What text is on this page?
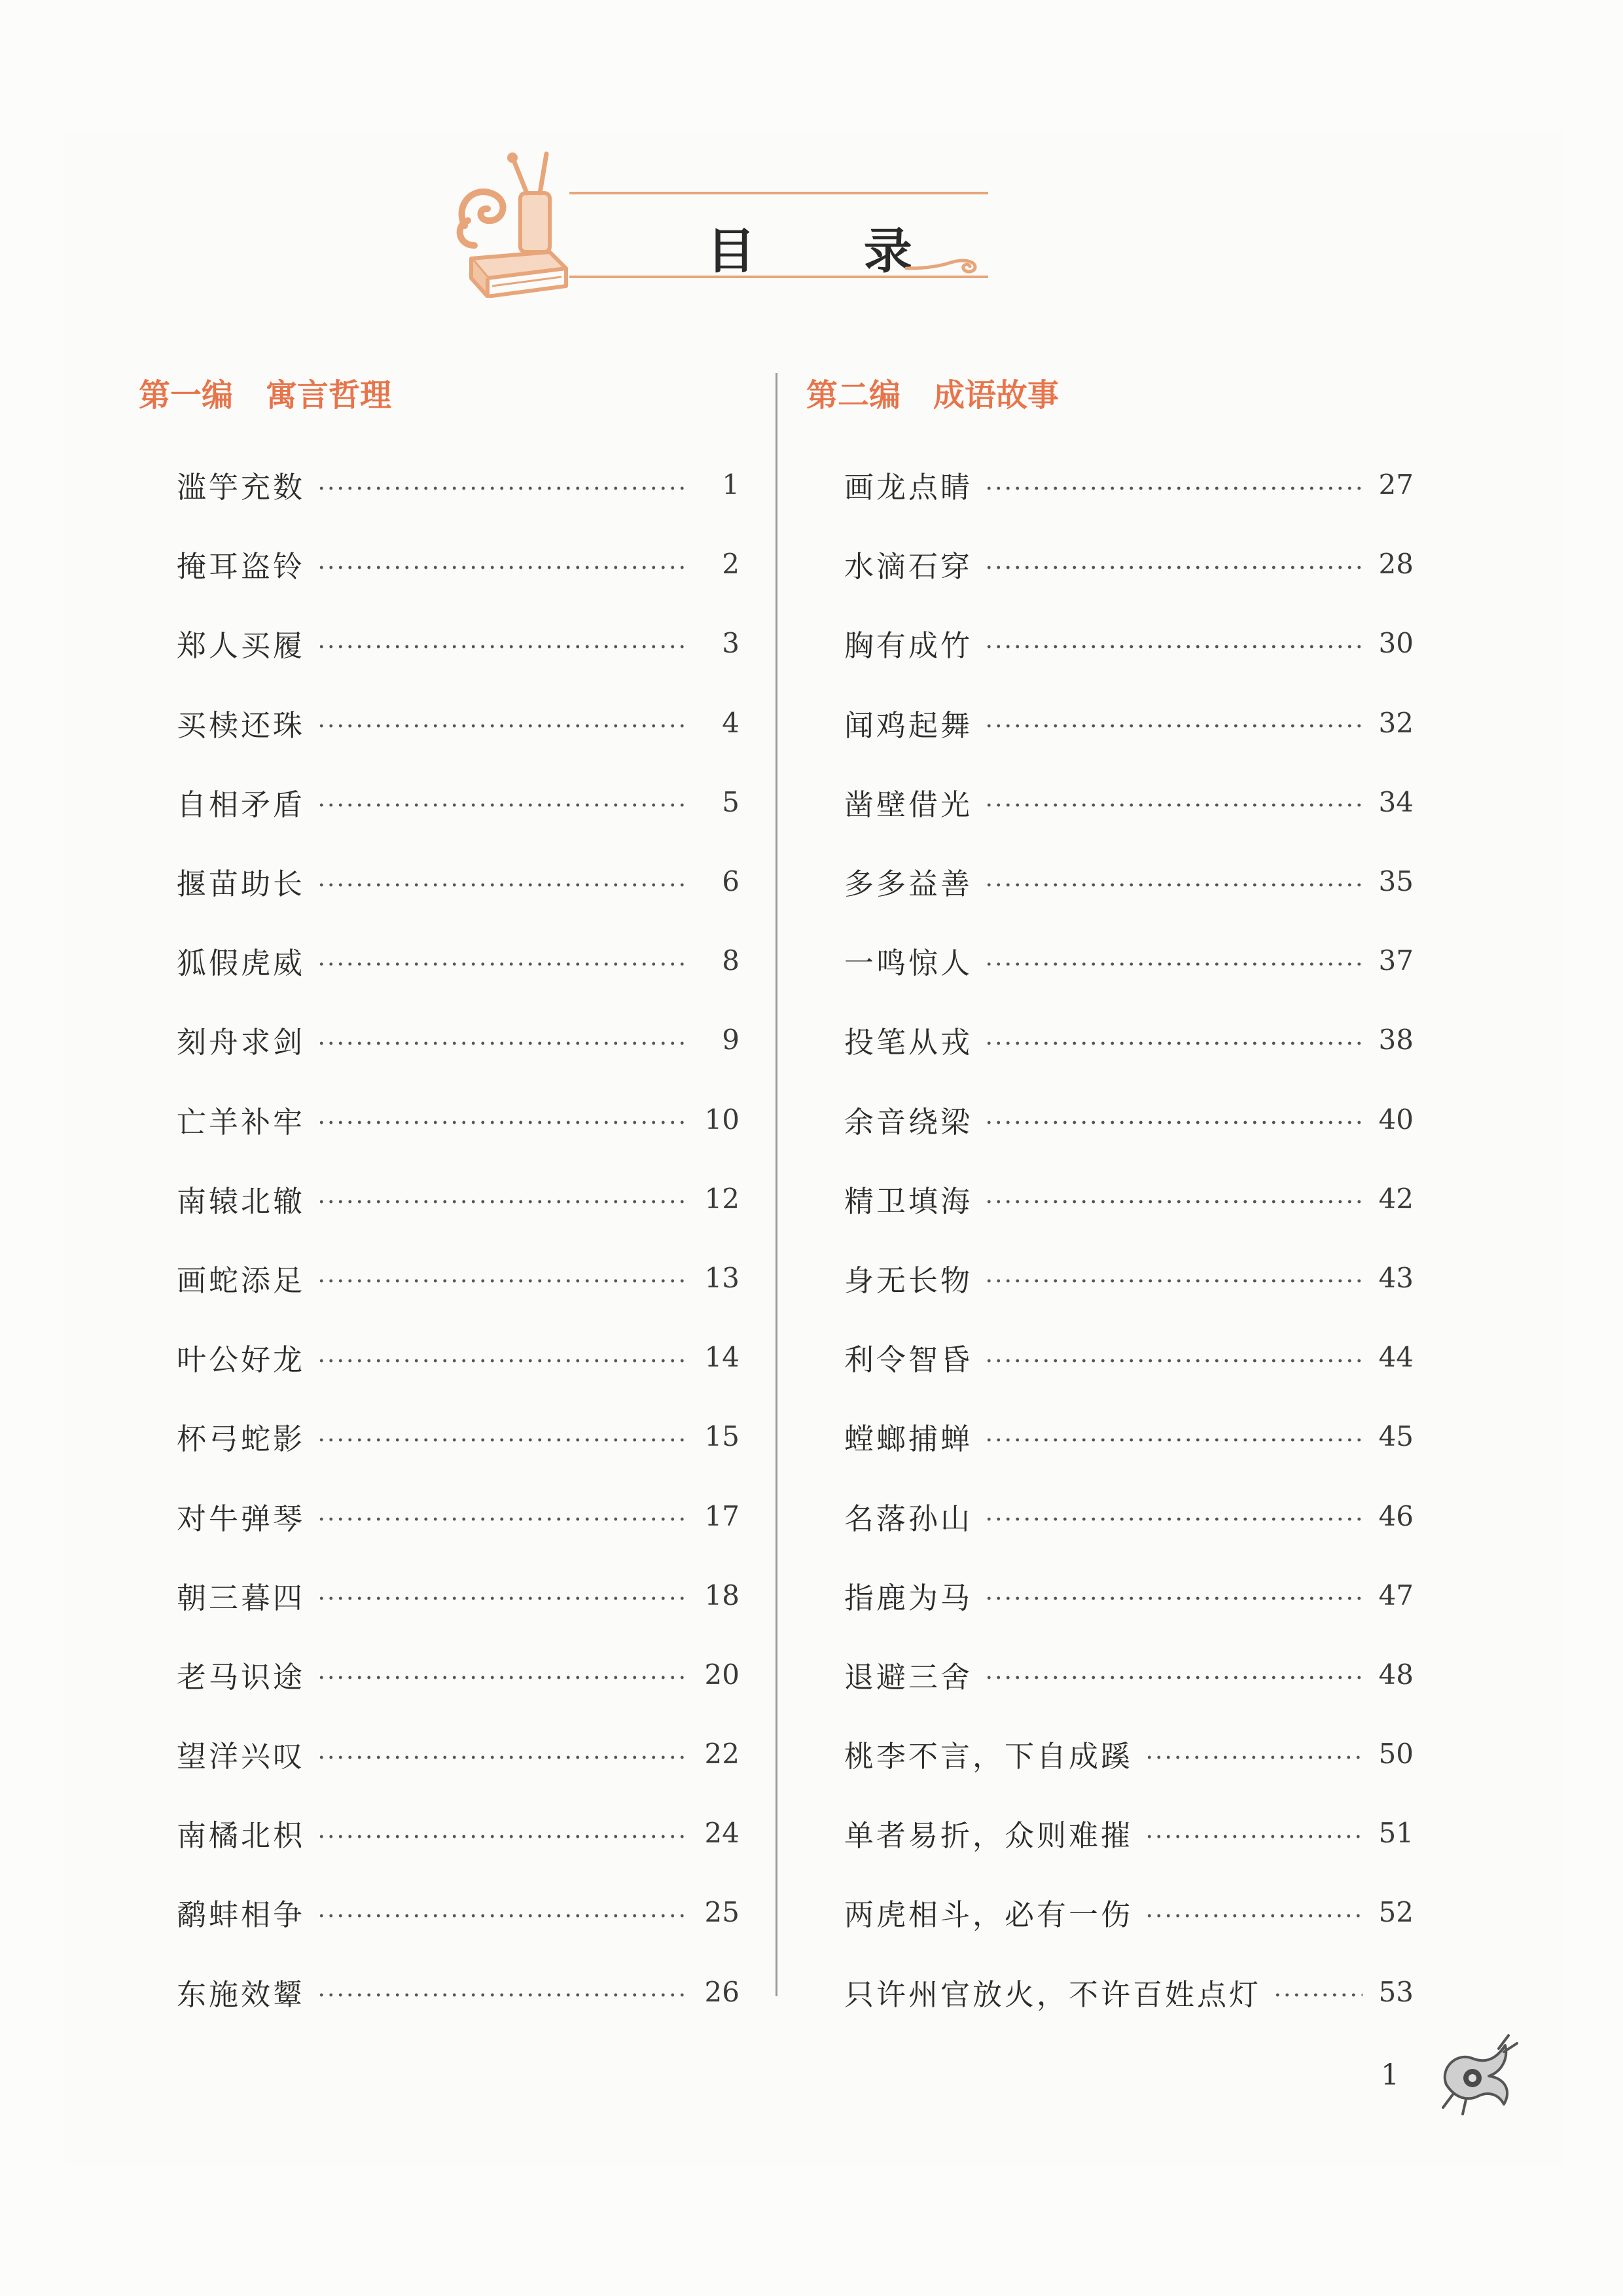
目 录
第一编 寓言哲理	第二编 成语故事
滥竽充数	1
掩耳盗铃	2
郑人买履	3
买椟还珠	4
自相矛盾	5
揠苗助长	6
狐假虎威	8
刻舟求剑	9
亡羊补牢	10
南辕北辙	12
画蛇添足	13
叶公好龙	14
杯弓蛇影	15
对牛弹琴	17
朝三暮四	18
老马识途	20
望洋兴叹	22
南橘北枳	24
鹬蚌相争	25
东施效颦	26
画龙点睛	27
水滴石穿	28
胸有成竹	30
闻鸡起舞	32
凿壁借光	34
多多益善	35
一鸣惊人	37
投笔从戎	38
余音绕梁	40
精卫填海	42
身无长物	43
利令智昏	44
螳螂捕蝉	45
名落孙山	46
指鹿为马	47
退避三舍	48
桃李不言，下自成蹊	50
单者易折，众则难摧	51
两虎相斗，必有一伤	52
只许州官放火，不许百姓点灯	53
1
